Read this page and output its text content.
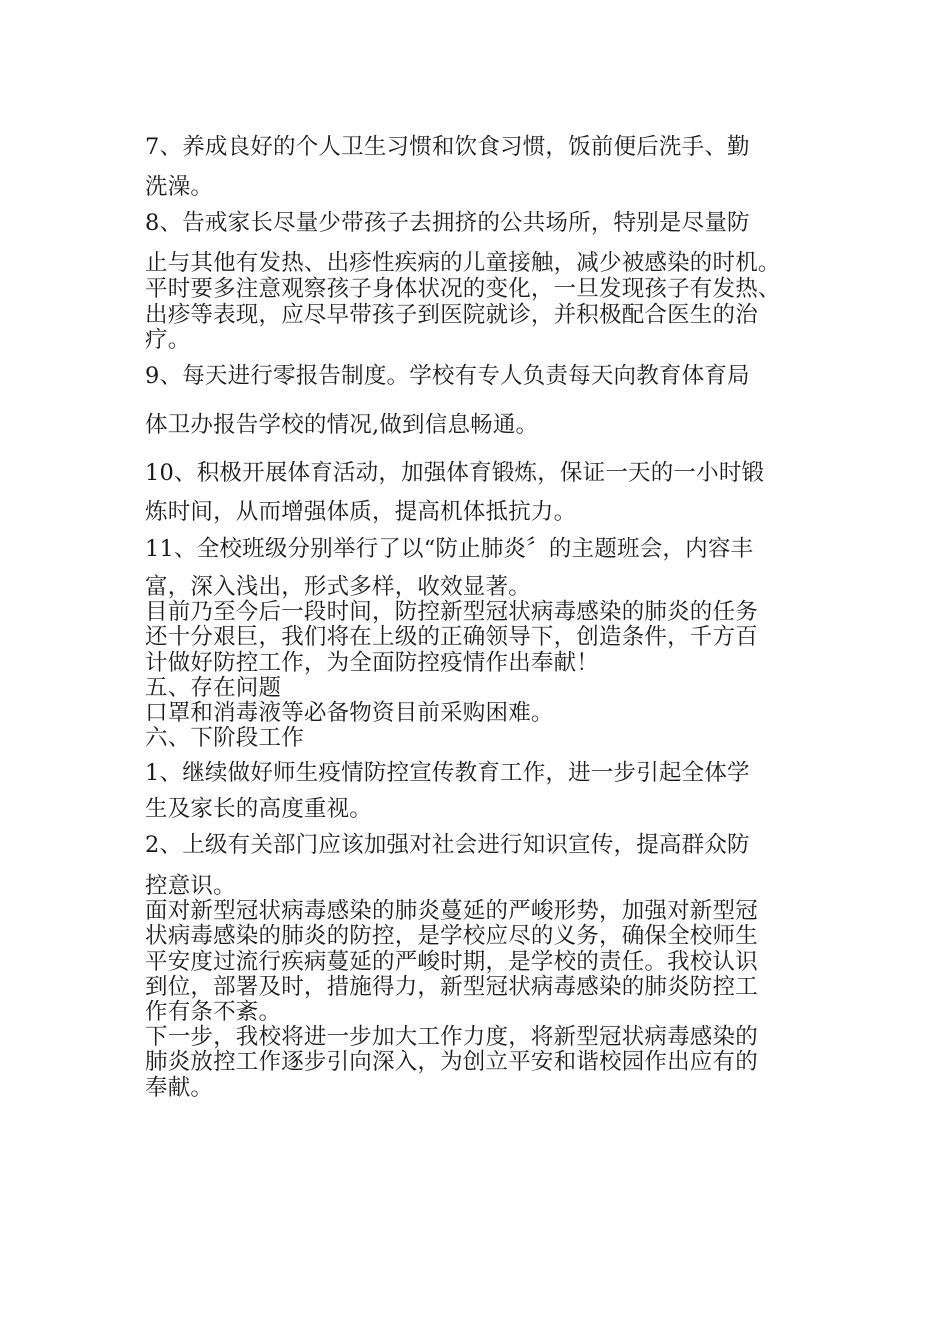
7、养成良好的个人卫生习惯和饮食习惯，饭前便后洗手、勤
洗澡。
8、告戒家长尽量少带孩子去拥挤的公共场所，特别是尽量防
止与其他有发热、出疹性疾病的儿童接触，减少被感染的时机。
平时要多注意观察孩子身体状况的变化，一旦发现孩子有发热、
出疹等表现，应尽早带孩子到医院就诊，并积极配合医生的治
疗。
9、每天进行零报告制度。学校有专人负责每天向教育体育局
体卫办报告学校的情况,做到信息畅通。
10、积极开展体育活动，加强体育锻炼，保证一天的一小时锻
炼时间，从而增强体质，提高机体抵抗力。
11、全校班级分别举行了以“防止肺炎〞的主题班会，内容丰
富，深入浅出，形式多样，收效显著。
目前乃至今后一段时间，防控新型冠状病毒感染的肺炎的任务
还十分艰巨，我们将在上级的正确领导下，创造条件，千方百
计做好防控工作，为全面防控疫情作出奉献！
五、存在问题
口罩和消毒液等必备物资目前采购困难。
六、下阶段工作
1、继续做好师生疫情防控宣传教育工作，进一步引起全体学
生及家长的高度重视。
2、上级有关部门应该加强对社会进行知识宣传，提高群众防
控意识。
面对新型冠状病毒感染的肺炎蔓延的严峻形势，加强对新型冠
状病毒感染的肺炎的防控，是学校应尽的义务，确保全校师生
平安度过流行疾病蔓延的严峻时期，是学校的责任。我校认识
到位，部署及时，措施得力，新型冠状病毒感染的肺炎防控工
作有条不紊。
下一步，我校将进一步加大工作力度，将新型冠状病毒感染的
肺炎放控工作逐步引向深入，为创立平安和谐校园作出应有的
奉献。
